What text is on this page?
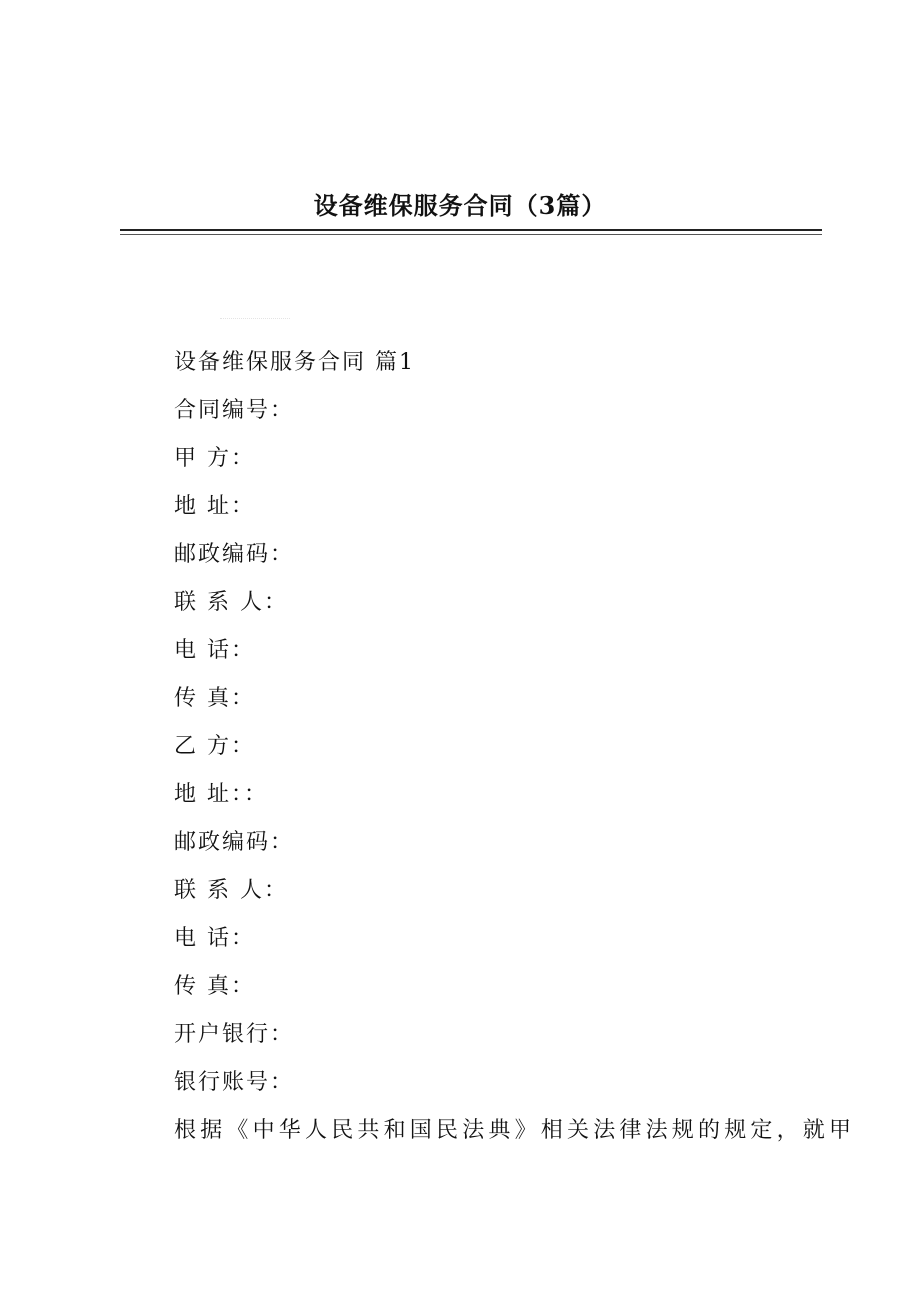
设备维保服务合同（3篇）
设备维保服务合同 篇1
合同编号：
甲 方：
地 址：
邮政编码：
联 系 人：
电 话：
传 真：
乙 方：
地 址：：
邮政编码：
联 系 人：
电 话：
传 真：
开户银行：
银行账号：
根据《中华人民共和国民法典》相关法律法规的规定，就甲
